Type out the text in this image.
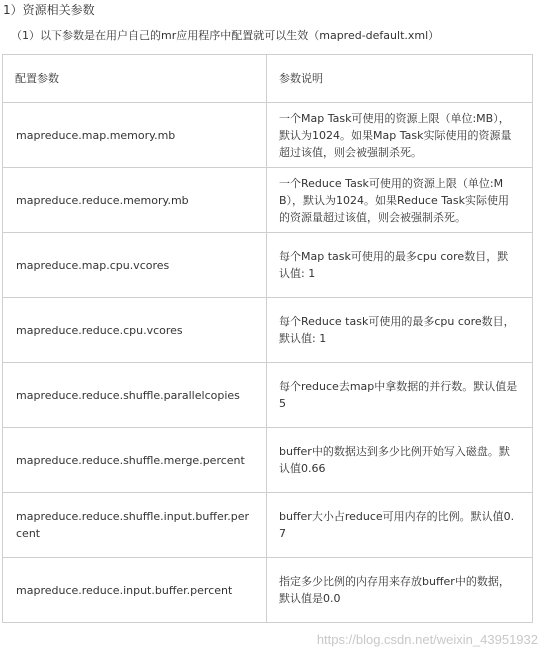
1）资源相关参数
（1）以下参数是在用户自己的mr应用程序中配置就可以生效（mapred-default.xml）
配置参数	参数说明
mapreduce.map.memory.mb	一个Map Task可使用的资源上限（单位:MB），默认为1024。如果Map Task实际使用的资源量超过该值，则会被强制杀死。
mapreduce.reduce.memory.mb	一个Reduce Task可使用的资源上限（单位:MB），默认为1024。如果Reduce Task实际使用的资源量超过该值，则会被强制杀死。
mapreduce.map.cpu.vcores	每个Map task可使用的最多cpu core数目，默认值: 1
mapreduce.reduce.cpu.vcores	每个Reduce task可使用的最多cpu core数目，默认值: 1
mapreduce.reduce.shuffle.parallelcopies	每个reduce去map中拿数据的并行数。默认值是5
mapreduce.reduce.shuffle.merge.percent	buffer中的数据达到多少比例开始写入磁盘。默认值0.66
mapreduce.reduce.shuffle.input.buffer.percent	buffer大小占reduce可用内存的比例。默认值0.7
mapreduce.reduce.input.buffer.percent	指定多少比例的内存用来存放buffer中的数据，默认值是0.0
https://blog.csdn.net/weixin_43951932
